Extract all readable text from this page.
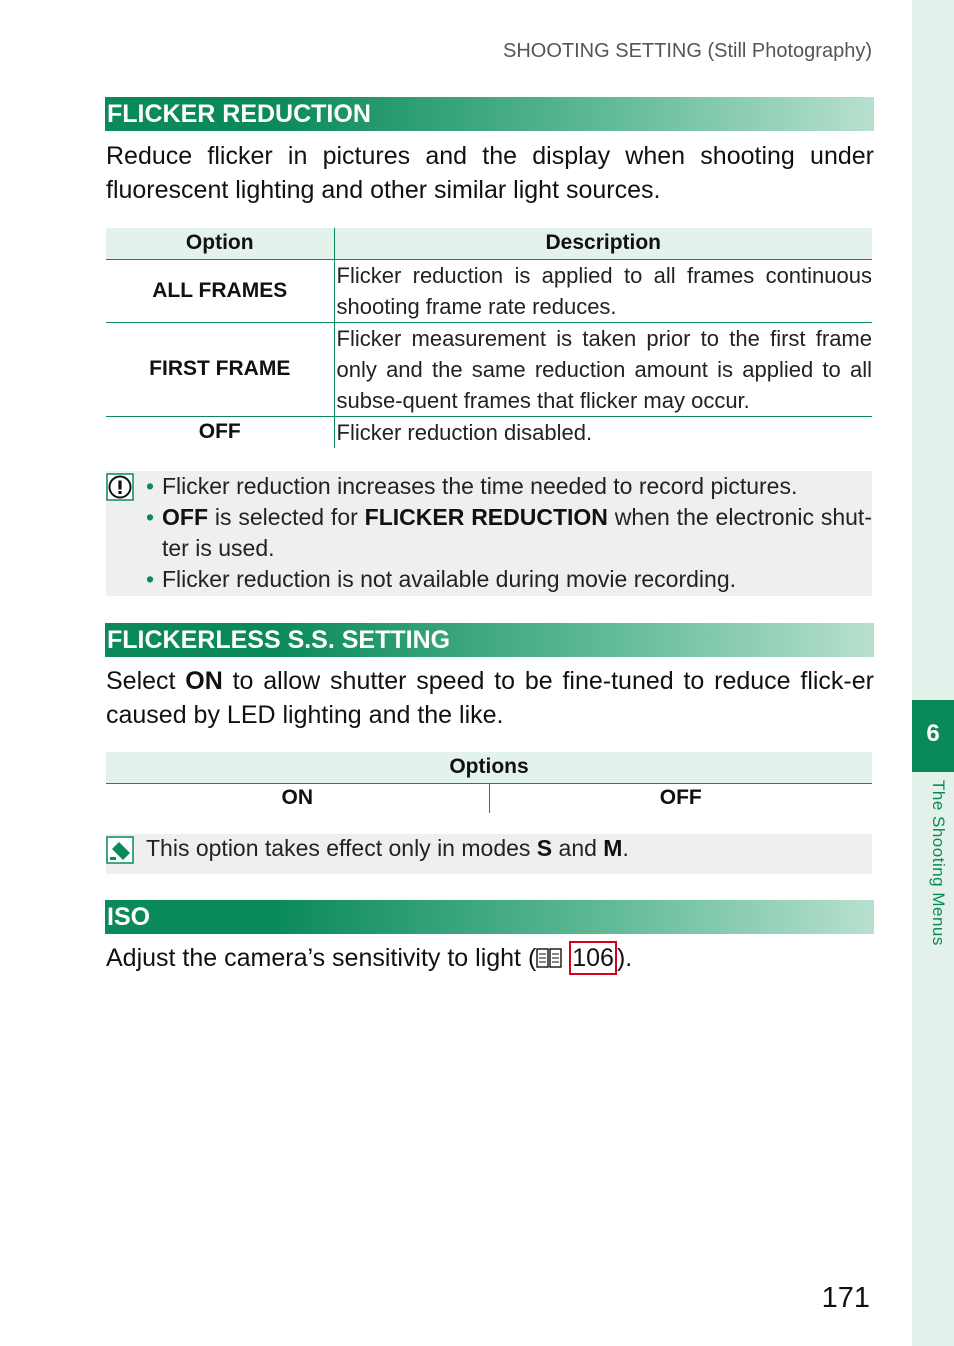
SHOOTING SETTING (Still Photography)
6
The Shooting Menus
FLICKER REDUCTION
Reduce flicker in pictures and the display when shooting under fluorescent lighting and other similar light sources.
Option	Description
ALL FRAMES	Flicker reduction is applied to all frames continuous shooting frame rate reduces.
FIRST FRAME	Flicker measurement is taken prior to the first frame only and the same reduction amount is applied to all subse-quent frames that flicker may occur.
OFF	Flicker reduction disabled.
• Flicker reduction increases the time needed to record pictures.
• OFF is selected for FLICKER REDUCTION when the electronic shut-ter is used.
• Flicker reduction is not available during movie recording.
FLICKERLESS S.S. SETTING
Select ON to allow shutter speed to be fine-tuned to reduce flick-er caused by LED lighting and the like.
Options
ON	OFF
This option takes effect only in modes S and M.
ISO
Adjust the camera’s sensitivity to light ( 106 ).
171
